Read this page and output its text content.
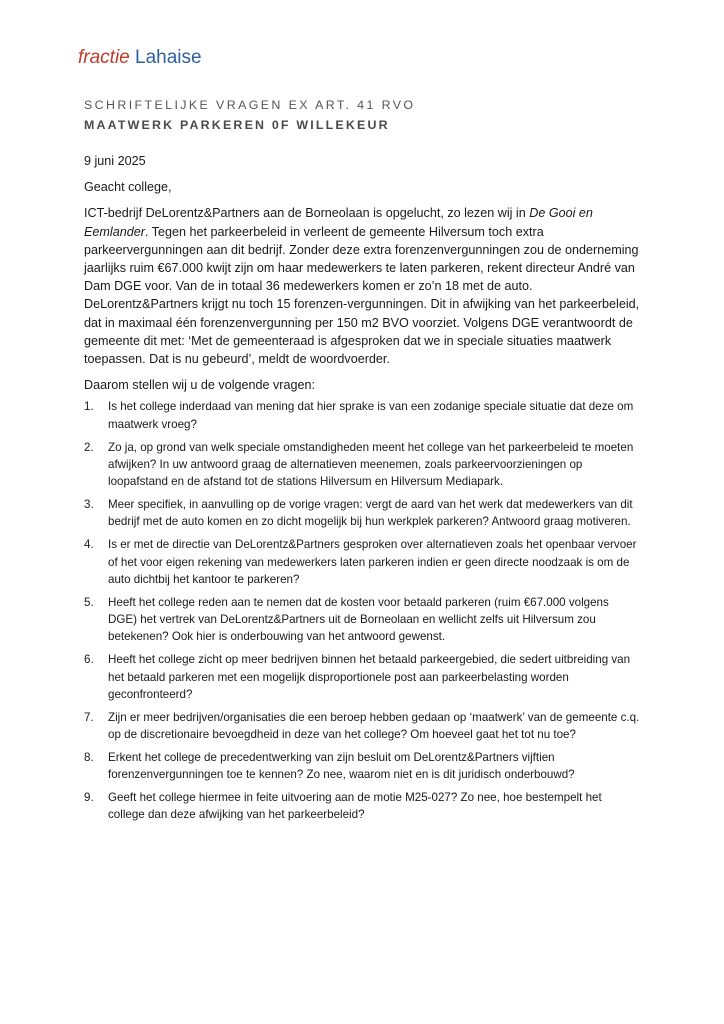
fractie Lahaise
SCHRIFTELIJKE VRAGEN EX ART. 41 RVO
MAATWERK PARKEREN 0F WILLEKEUR

9 juni 2025

Geacht college,

ICT-bedrijf DeLorentz&Partners aan de Borneolaan is opgelucht, zo lezen wij in De Gooi en Eemlander. Tegen het parkeerbeleid in verleent de gemeente Hilversum toch extra parkeervergunningen aan dit bedrijf. Zonder deze extra forenzenvergunningen zou de onderneming jaarlijks ruim €67.000 kwijt zijn om haar medewerkers te laten parkeren, rekent directeur André van Dam DGE voor. Van de in totaal 36 medewerkers komen er zo’n 18 met de auto. DeLorentz&Partners krijgt nu toch 15 forenzen-vergunningen. Dit in afwijking van het parkeerbeleid, dat in maximaal één forenzenvergunning per 150 m2 BVO voorziet. Volgens DGE verantwoordt de gemeente dit met: ‘Met de gemeenteraad is afgesproken dat we in speciale situaties maatwerk toepassen. Dat is nu gebeurd’, meldt de woordvoerder.

Daarom stellen wij u de volgende vragen:

1. Is het college inderdaad van mening dat hier sprake is van een zodanige speciale situatie dat deze om maatwerk vroeg?
2. Zo ja, op grond van welk speciale omstandigheden meent het college van het parkeerbeleid te moeten afwijken? In uw antwoord graag de alternatieven meenemen, zoals parkeervoorzieningen op loopafstand en de afstand tot de stations Hilversum en Hilversum Mediapark.
3. Meer specifiek, in aanvulling op de vorige vragen: vergt de aard van het werk dat medewerkers van dit bedrijf met de auto komen en zo dicht mogelijk bij hun werkplek parkeren? Antwoord graag motiveren.
4. Is er met de directie van DeLorentz&Partners gesproken over alternatieven zoals het openbaar vervoer of het voor eigen rekening van medewerkers laten parkeren indien er geen directe noodzaak is om de auto dichtbij het kantoor te parkeren?
5. Heeft het college reden aan te nemen dat de kosten voor betaald parkeren (ruim €67.000 volgens DGE) het vertrek van DeLorentz&Partners uit de Borneolaan en wellicht zelfs uit Hilversum zou betekenen? Ook hier is onderbouwing van het antwoord gewenst.
6. Heeft het college zicht op meer bedrijven binnen het betaald parkeergebied, die sedert uitbreiding van het betaald parkeren met een mogelijk disproportionele post aan parkeerbelasting worden geconfronteerd?
7. Zijn er meer bedrijven/organisaties die een beroep hebben gedaan op ‘maatwerk’ van de gemeente c.q. op de discretionaire bevoegdheid in deze van het college? Om hoeveel gaat het tot nu toe?
8. Erkent het college de precedentwerking van zijn besluit om DeLorentz&Partners vijftien forenzenvergunningen toe te kennen? Zo nee, waarom niet en is dit juridisch onderbouwd?
9. Geeft het college hiermee in feite uitvoering aan de motie M25-027? Zo nee, hoe bestempelt het college dan deze afwijking van het parkeerbeleid?
